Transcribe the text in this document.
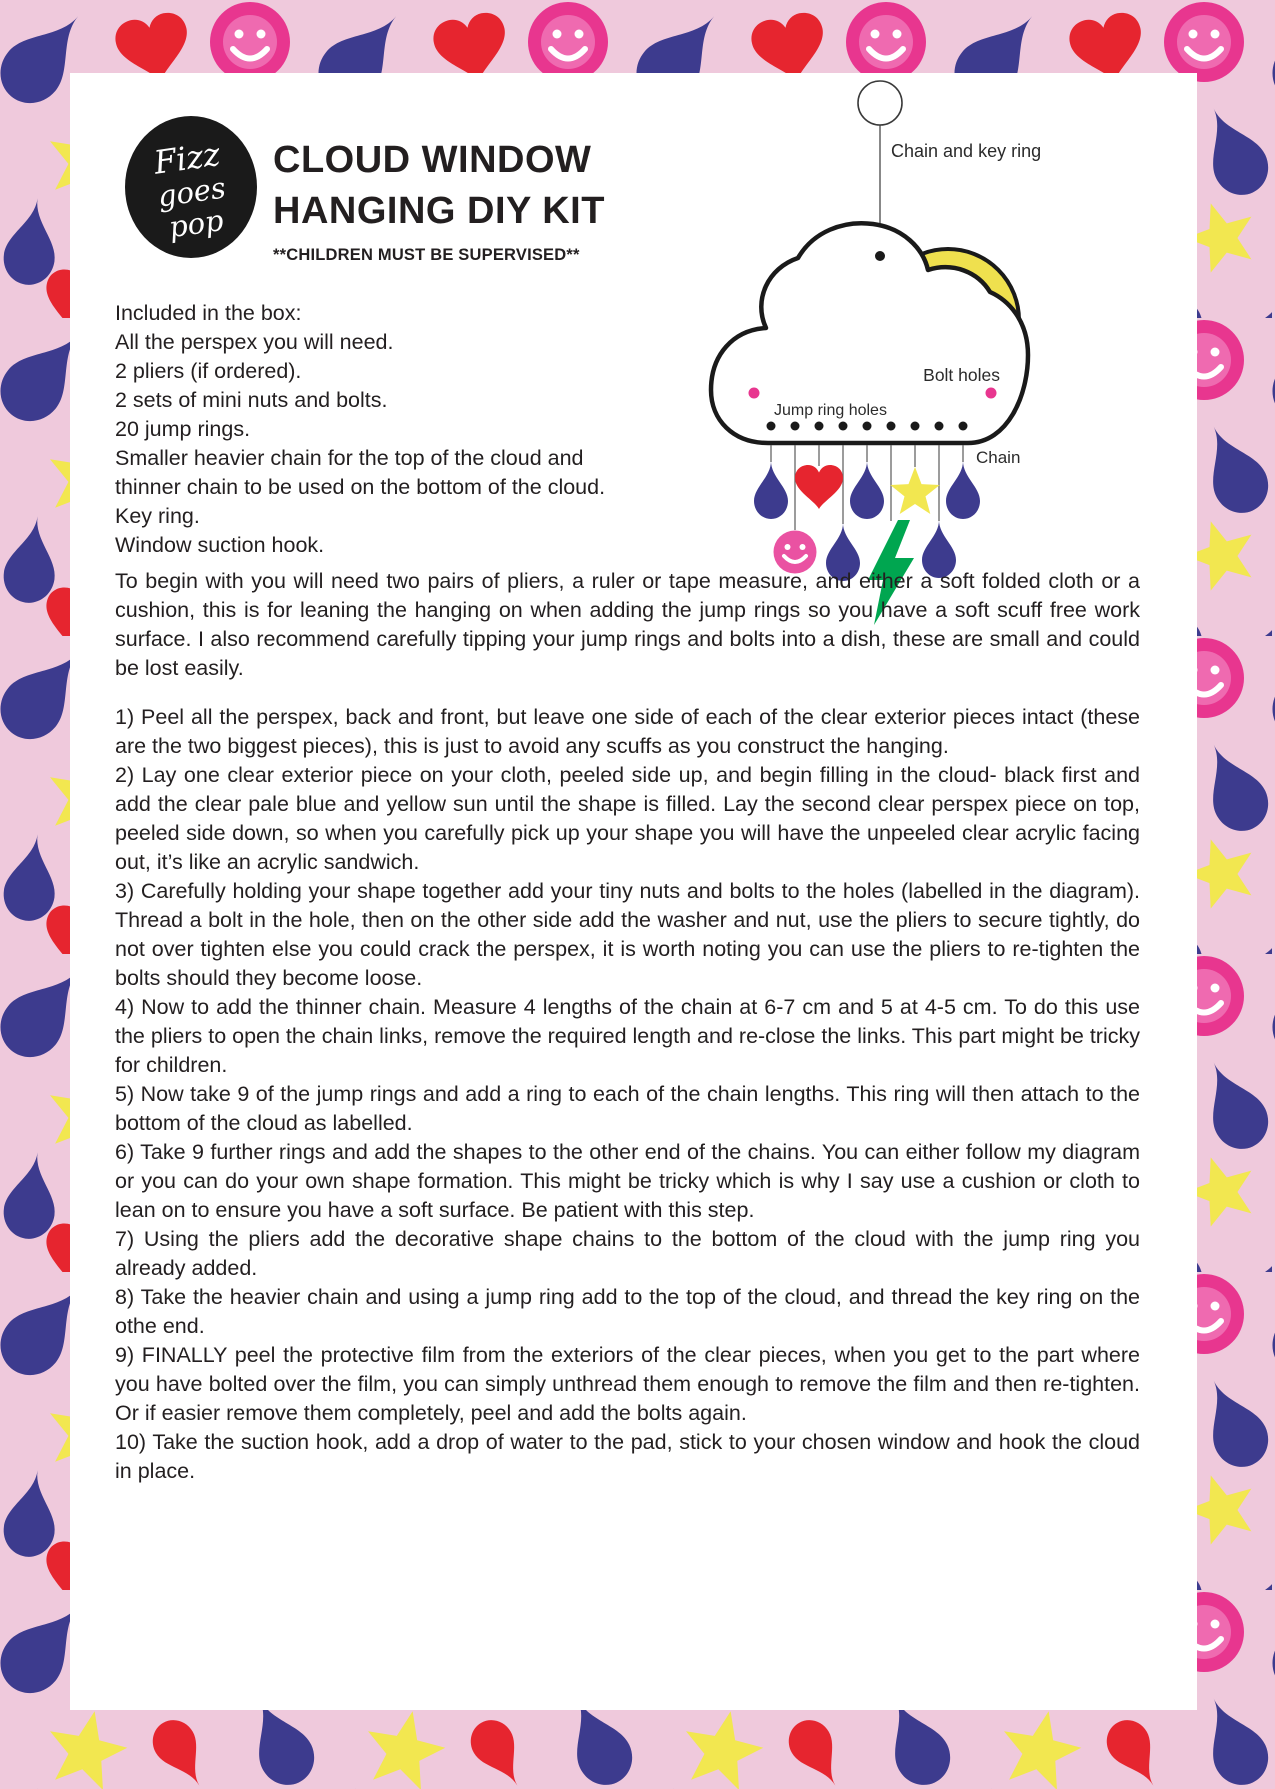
Fizz
goes
pop
CLOUD WINDOW
HANGING DIY KIT
**CHILDREN MUST BE SUPERVISED**
Chain and key ring
Bolt holes
Jump ring holes
Chain
Included in the box:
All the perspex you will need.
2 pliers (if ordered).
2 sets of mini nuts and bolts.
20 jump rings.
Smaller heavier chain for the top of the cloud and thinner chain to be used on the bottom of the cloud.
Key ring.
Window suction hook.

To begin with you will need two pairs of pliers, a ruler or tape measure, and either a soft folded cloth or a cushion, this is for leaning the hanging on when adding the jump rings so you have a soft scuff free work surface. I also recommend carefully tipping your jump rings and bolts into a dish, these are small and could be lost easily.

1) Peel all the perspex, back and front, but leave one side of each of the clear exterior pieces intact (these are the two biggest pieces), this is just to avoid any scuffs as you construct the hanging.

2) Lay one clear exterior piece on your cloth, peeled side up, and begin filling in the cloud- black first and add the clear pale blue and yellow sun until the shape is filled. Lay the second clear perspex piece on top, peeled side down, so when you carefully pick up your shape you will have the unpeeled clear acrylic facing out, it’s like an acrylic sandwich.

3) Carefully holding your shape together add your tiny nuts and bolts to the holes (labelled in the diagram). Thread a bolt in the hole, then on the other side add the washer and nut, use the pliers to secure tightly, do not over tighten else you could crack the perspex, it is worth noting you can use the pliers to re-tighten the bolts should they become loose.

4) Now to add the thinner chain. Measure 4 lengths of the chain at 6-7 cm and 5 at 4-5 cm. To do this use the pliers to open the chain links, remove the required length and re-close the links. This part might be tricky for children.

5) Now take 9 of the jump rings and add a ring to each of the chain lengths. This ring will then attach to the bottom of the cloud as labelled.

6) Take 9 further rings and add the shapes to the other end of the chains. You can either follow my diagram or you can do your own shape formation. This might be tricky which is why I say use a cushion or cloth to lean on to ensure you have a soft surface. Be patient with this step.

7) Using the pliers add the decorative shape chains to the bottom of the cloud with the jump ring you already added.

8) Take the heavier chain and using a jump ring add to the top of the cloud, and thread the key ring on the othe end.

9) FINALLY peel the protective film from the exteriors of the clear pieces, when you get to the part where you have bolted over the film, you can simply unthread them enough to remove the film and then re-tighten. Or if easier remove them completely, peel and add the bolts again.

10) Take the suction hook, add a drop of water to the pad, stick to your chosen window and hook the cloud in place.
